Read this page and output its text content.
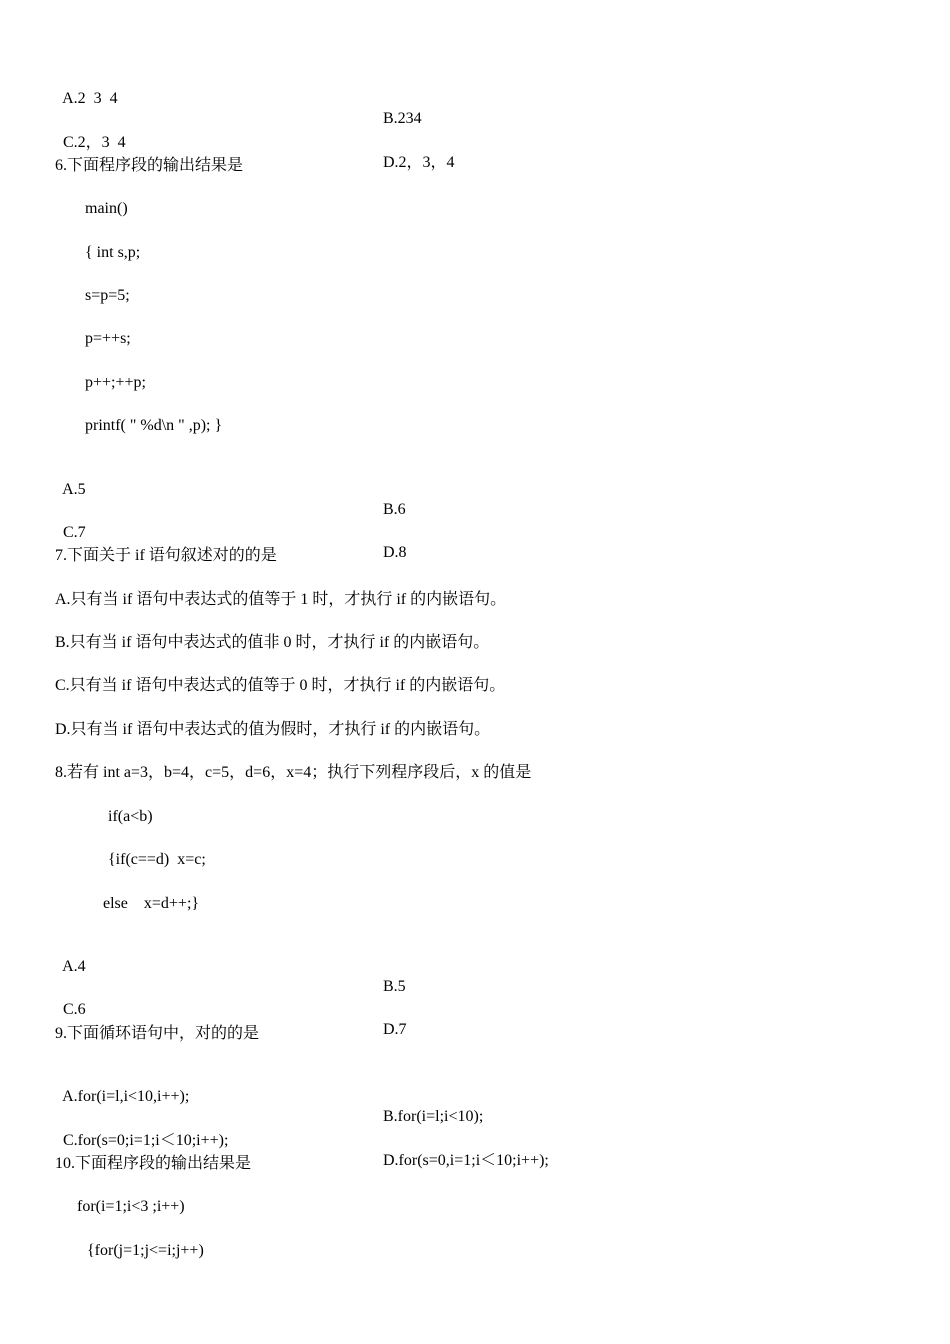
A.2  3  4

B.234

C.2，3  4

D.2，3，4

6.下面程序段的输出结果是
main()
{ int s,p;
s=p=5;
p=++s;
p++;++p;
printf( " %d\n " ,p); }

A.5

B.6

C.7

D.8

7.下面关于 if 语句叙述对的的是
A.只有当 if 语句中表达式的值等于 1 时，才执行 if 的内嵌语句。
B.只有当 if 语句中表达式的值非 0 时，才执行 if 的内嵌语句。
C.只有当 if 语句中表达式的值等于 0 时，才执行 if 的内嵌语句。
D.只有当 if 语句中表达式的值为假时，才执行 if 的内嵌语句。
8.若有 int a=3，b=4，c=5，d=6，x=4；执行下列程序段后，x 的值是
if(a<b)
{if(c==d)  x=c;
else    x=d++;}

A.4

B.5

C.6

D.7

9.下面循环语句中，对的的是

A.for(i=l,i<10,i++);

B.for(i=l;i<10);

C.for(s=0;i=1;i＜10;i++);

D.for(s=0,i=1;i＜10;i++);

10.下面程序段的输出结果是
for(i=1;i<3 ;i++)
{for(j=1;j<=i;j++)
